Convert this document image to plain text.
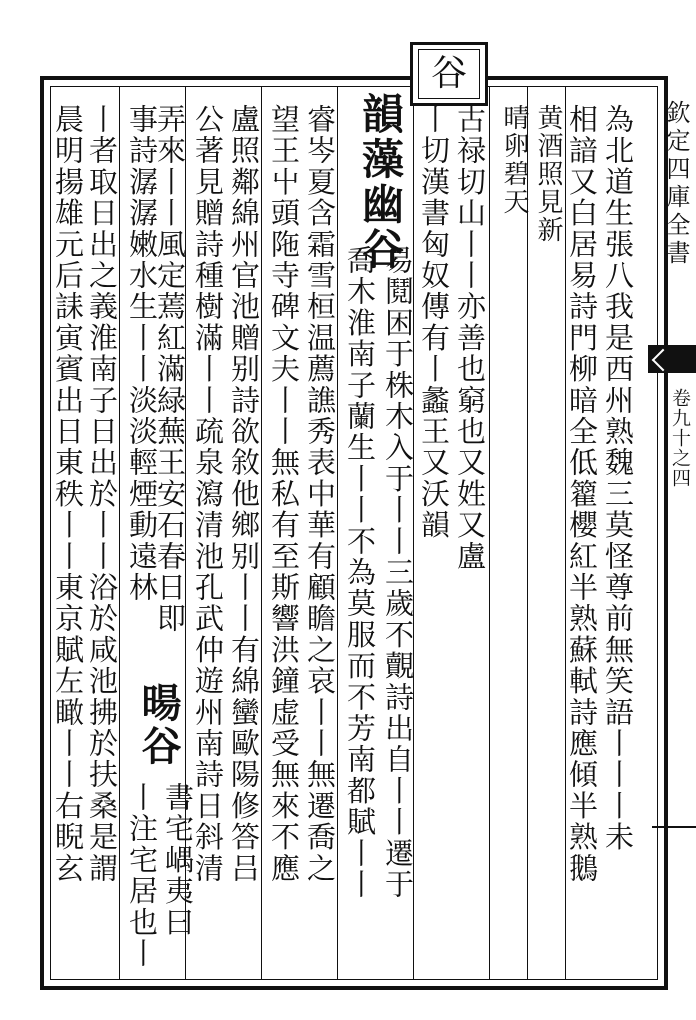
谷
欽定四庫全書
卷九十之四
為北道生張八我是西州熟魏三莫怪尊前無笑語丨丨丨未
相諳又白居易詩門柳暗全低籊櫻紅半熟蘇軾詩應傾半熟鵝
黄酒照見新
晴卵碧天
古禄切山丨丨亦善也窮也又姓又盧
丨切漢書匈奴傳有丨蠡王又沃韻
韻藻幽谷
易鬩困于株木入于丨丨三歲不覿詩出自丨丨遷于
喬木淮南子蘭生丨丨不為莫服而不芳南都賦丨丨
睿岑夏含霜雪桓温薦譙秀表中華有顧瞻之哀丨丨無遷喬之
望王屮頭陁寺碑文夫丨丨無私有至斯響洪鐘虚受無來不應
盧照鄰綿州官池贈别詩欲敘他鄉别丨丨有綿蠻歐陽修答吕
公著見贈詩種樹滿丨丨疏泉瀉清池孔武仲遊州南詩日斜清
弄來丨丨風定蔫紅滿緑蕪王安石春日即
暘谷
書宅嵎夷曰
事詩潺潺嫩水生丨丨淡淡輕煙動遠林
丨注宅居也丨
丨者取日出之義淮南子日出於丨丨浴於咸池拂於扶桑是謂
晨明揚雄元后誄寅賓出日東秩丨丨東京賦左瞰丨丨右睨玄
